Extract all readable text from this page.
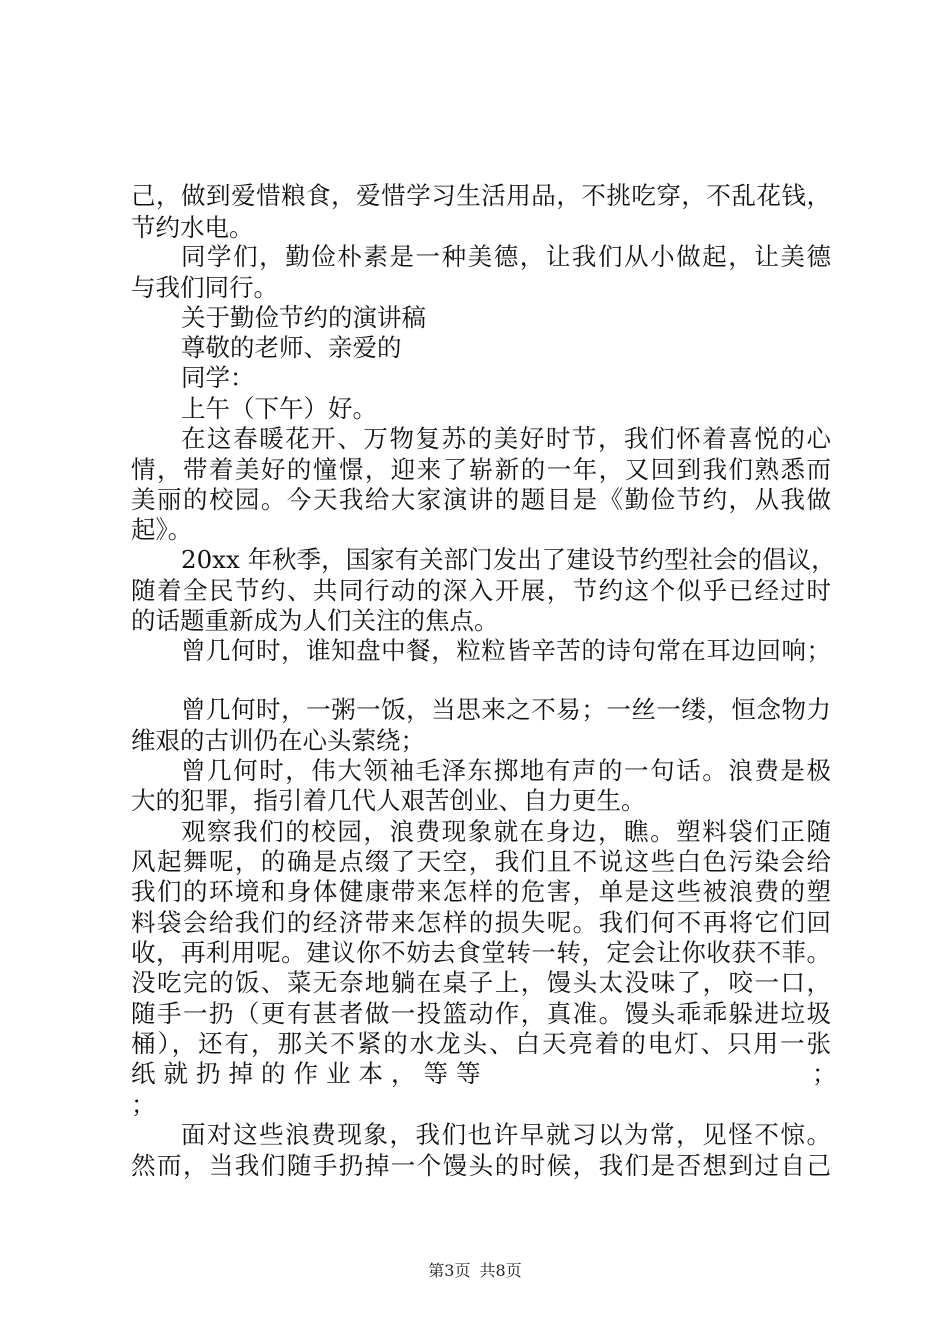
己，做到爱惜粮食，爱惜学习生活用品，不挑吃穿，不乱花钱，
节约水电。
同学们，勤俭朴素是一种美德，让我们从小做起，让美德
与我们同行。
关于勤俭节约的演讲稿
尊敬的老师、亲爱的
同学：
上午（下午）好。
在这春暖花开、万物复苏的美好时节，我们怀着喜悦的心
情，带着美好的憧憬，迎来了崭新的一年，又回到我们熟悉而
美丽的校园。今天我给大家演讲的题目是《勤俭节约，从我做
起》。
20xx 年秋季，国家有关部门发出了建设节约型社会的倡议，
随着全民节约、共同行动的深入开展，节约这个似乎已经过时
的话题重新成为人们关注的焦点。
曾几何时，谁知盘中餐，粒粒皆辛苦的诗句常在耳边回响；
曾几何时，一粥一饭，当思来之不易；一丝一缕，恒念物力
维艰的古训仍在心头萦绕；
曾几何时，伟大领袖毛泽东掷地有声的一句话。浪费是极
大的犯罪，指引着几代人艰苦创业、自力更生。
观察我们的校园，浪费现象就在身边，瞧。塑料袋们正随
风起舞呢，的确是点缀了天空，我们且不说这些白色污染会给
我们的环境和身体健康带来怎样的危害，单是这些被浪费的塑
料袋会给我们的经济带来怎样的损失呢。我们何不再将它们回
收，再利用呢。建议你不妨去食堂转一转，定会让你收获不菲。
没吃完的饭、菜无奈地躺在桌子上，馒头太没味了，咬一口，
随手一扔（更有甚者做一投篮动作，真准。馒头乖乖躲进垃圾
桶），还有，那关不紧的水龙头、白天亮着的电灯、只用一张
纸就扔掉的作业本，等等	；
；
面对这些浪费现象，我们也许早就习以为常，见怪不惊。
然而，当我们随手扔掉一个馒头的时候，我们是否想到过自己
第3页 共8页
